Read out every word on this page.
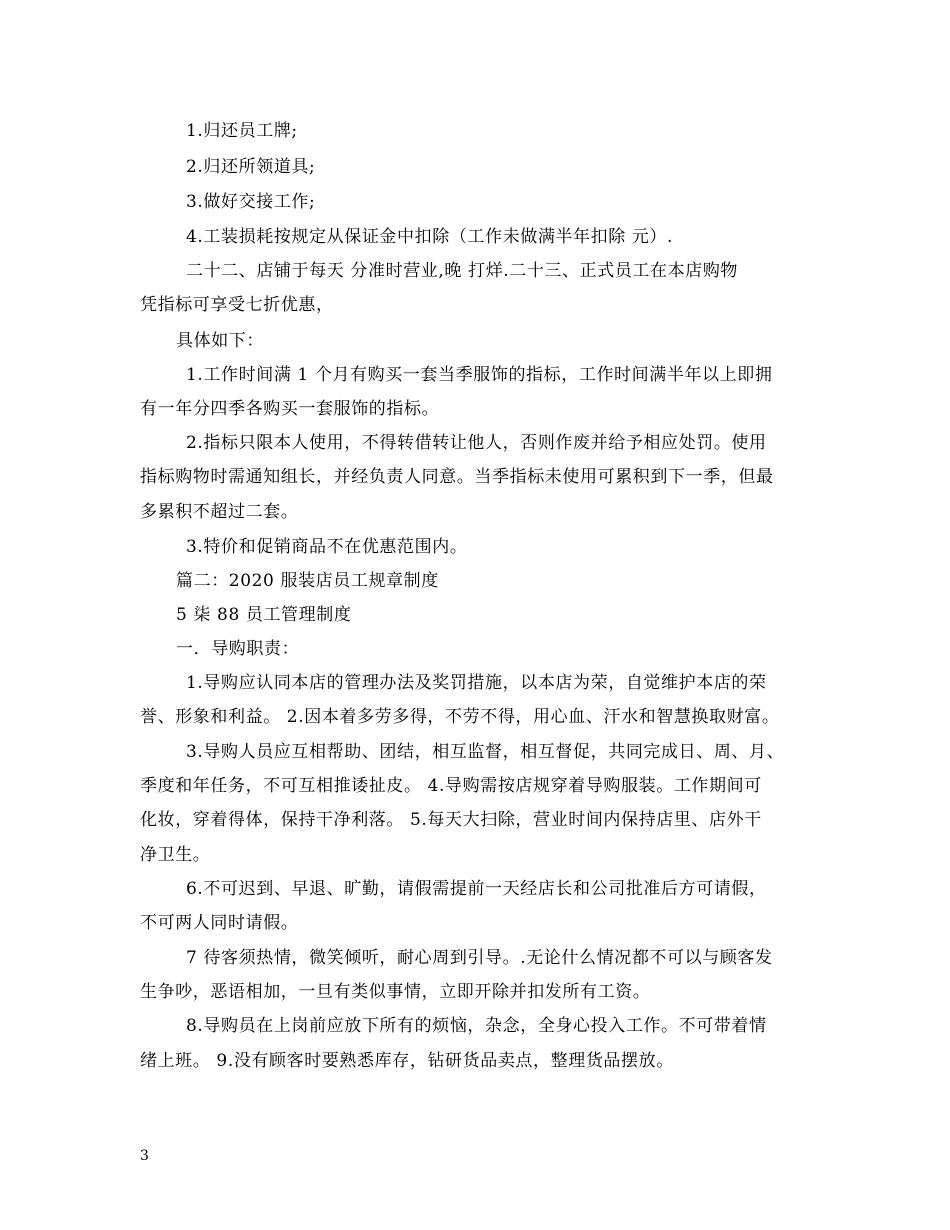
1.归还员工牌;
2.归还所领道具;
3.做好交接工作;
4.工装损耗按规定从保证金中扣除（工作未做满半年扣除 元）.
二十二、店铺于每天 分准时营业,晚 打烊.二十三、正式员工在本店购物
凭指标可享受七折优惠，
具体如下：
1.工作时间满 1 个月有购买一套当季服饰的指标，工作时间满半年以上即拥
有一年分四季各购买一套服饰的指标。
2.指标只限本人使用，不得转借转让他人，否则作废并给予相应处罚。使用
指标购物时需通知组长，并经负责人同意。当季指标未使用可累积到下一季，但最
多累积不超过二套。
3.特价和促销商品不在优惠范围内。
篇二：2020 服装店员工规章制度
5 柒 88 员工管理制度
一．导购职责：
1.导购应认同本店的管理办法及奖罚措施，以本店为荣，自觉维护本店的荣
誉、形象和利益。 2.因本着多劳多得，不劳不得，用心血、汗水和智慧换取财富。
3.导购人员应互相帮助、团结，相互监督，相互督促，共同完成日、周、月、
季度和年任务，不可互相推诿扯皮。 4.导购需按店规穿着导购服装。工作期间可
化妆，穿着得体，保持干净利落。 5.每天大扫除，营业时间内保持店里、店外干
净卫生。
6.不可迟到、早退、旷勤，请假需提前一天经店长和公司批准后方可请假，
不可两人同时请假。
7 待客须热情，微笑倾听，耐心周到引导。.无论什么情况都不可以与顾客发
生争吵，恶语相加，一旦有类似事情，立即开除并扣发所有工资。
8.导购员在上岗前应放下所有的烦恼，杂念，全身心投入工作。不可带着情
绪上班。 9.没有顾客时要熟悉库存，钻研货品卖点，整理货品摆放。
3
